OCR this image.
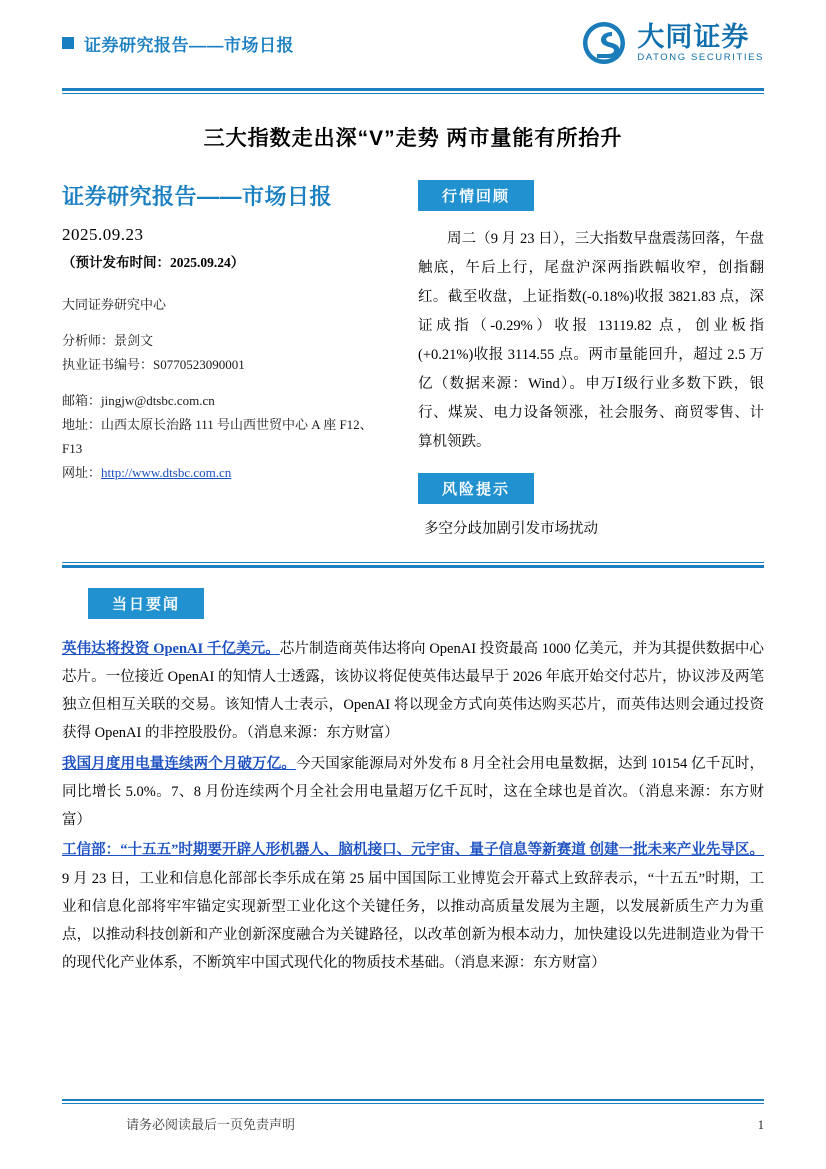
证券研究报告——市场日报	大同证券
DATONG SECURITIES
三大指数走出深“V”走势 两市量能有所抬升
证券研究报告——市场日报
2025.09.23
（预计发布时间：2025.09.24）
大同证券研究中心
分析师：景剑文
执业证书编号：S0770523090001
邮箱：jingjw@dtsbc.com.cn
地址：山西太原长治路 111 号山西世贸中心 A 座 F12、F13
网址：http://www.dtsbc.com.cn
行情回顾
周二（9 月 23 日），三大指数早盘震荡回落，午盘触底，午后上行，尾盘沪深两指跌幅收窄，创指翻红。截至收盘，上证指数(-0.18%)收报 3821.83 点，深证成指（-0.29%）收报 13119.82 点，创业板指(+0.21%)收报 3114.55 点。两市量能回升，超过 2.5 万亿（数据来源：Wind）。申万Ⅰ级行业多数下跌，银行、煤炭、电力设备领涨，社会服务、商贸零售、计算机领跌。
风险提示
多空分歧加剧引发市场扰动
当日要闻
英伟达将投资 OpenAI 千亿美元。芯片制造商英伟达将向 OpenAI 投资最高 1000 亿美元，并为其提供数据中心芯片。一位接近 OpenAI 的知情人士透露，该协议将促使英伟达最早于 2026 年底开始交付芯片，协议涉及两笔独立但相互关联的交易。该知情人士表示，OpenAI 将以现金方式向英伟达购买芯片，而英伟达则会通过投资获得 OpenAI 的非控股股份。（消息来源：东方财富）
我国月度用电量连续两个月破万亿。今天国家能源局对外发布 8 月全社会用电量数据，达到 10154 亿千瓦时，同比增长 5.0%。7、8 月份连续两个月全社会用电量超万亿千瓦时，这在全球也是首次。（消息来源：东方财富）
工信部：“十五五”时期要开辟人形机器人、脑机接口、元宇宙、量子信息等新赛道 创建一批未来产业先导区。9 月 23 日，工业和信息化部部长李乐成在第 25 届中国国际工业博览会开幕式上致辞表示，“十五五”时期，工业和信息化部将牢牢锚定实现新型工业化这个关键任务，以推动高质量发展为主题，以发展新质生产力为重点，以推动科技创新和产业创新深度融合为关键路径，以改革创新为根本动力，加快建设以先进制造业为骨干的现代化产业体系，不断筑牢中国式现代化的物质技术基础。（消息来源：东方财富）
请务必阅读最后一页免责声明	1
